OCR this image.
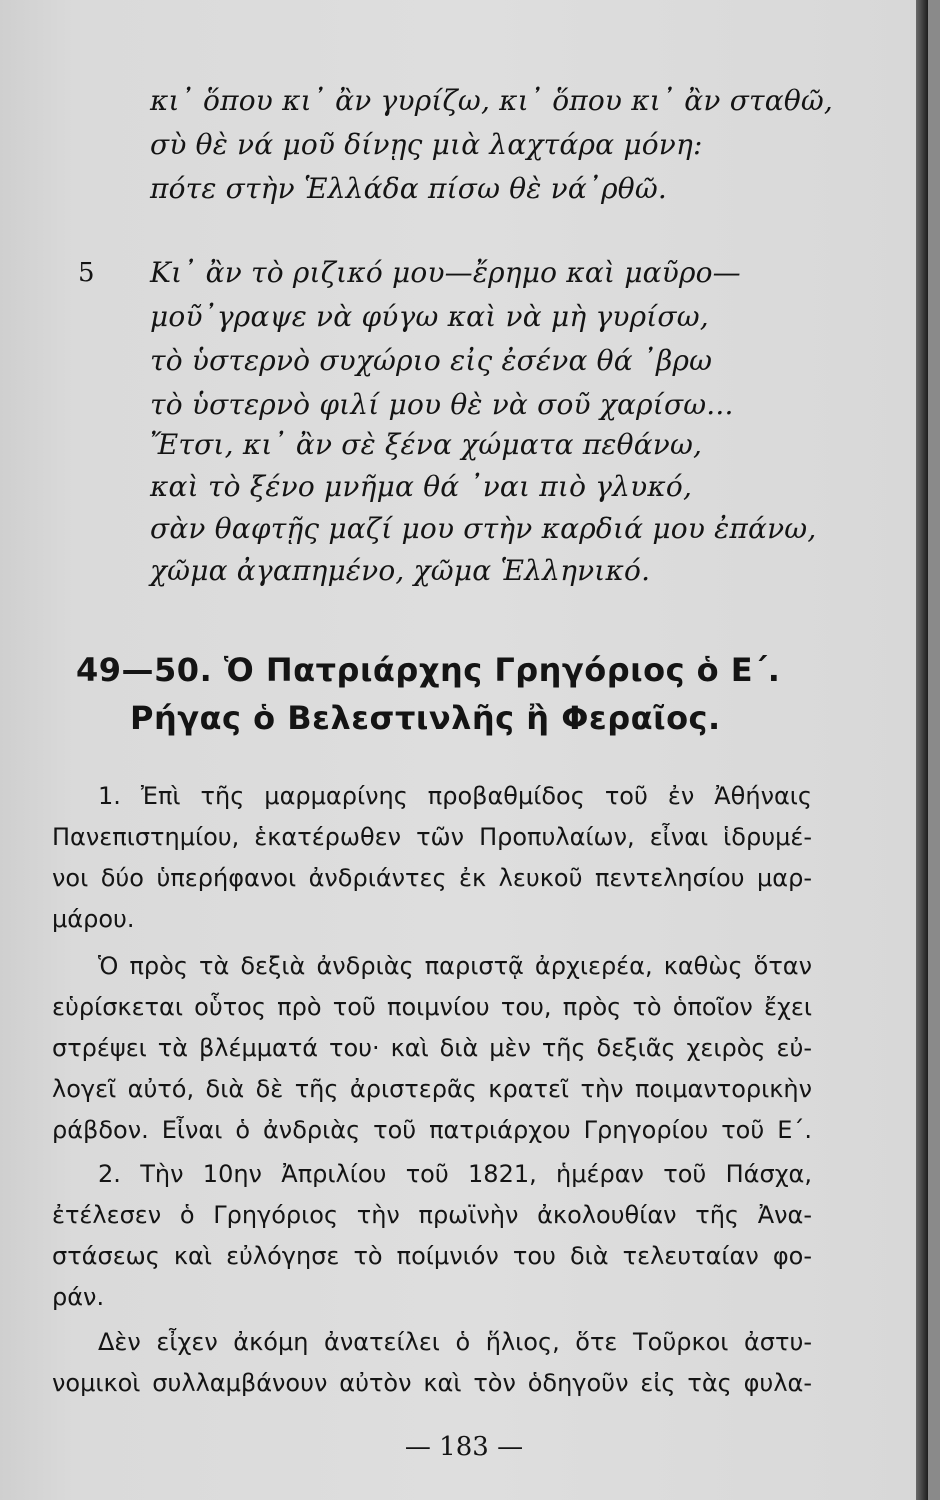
κι᾿ ὅπου κι᾿ ἂν γυρίζω, κι᾿ ὅπου κι᾿ ἂν σταθῶ,
σὺ θὲ νά μοῦ δίνῃς μιὰ λαχτάρα μόνη:
πότε στὴν Ἑλλάδα πίσω θὲ νά᾿ρθῶ.
5 Κι᾿ ἂν τὸ ριζικό μου—ἔρημο καὶ μαῦρο—
μοῦ᾿γραψε νὰ φύγω καὶ νὰ μὴ γυρίσω,
τὸ ὑστερνὸ συχώριο εἰς ἐσένα θά ᾿βρω
τὸ ὑστερνὸ φιλί μου θὲ νὰ σοῦ χαρίσω...
Ἔτσι, κι᾿ ἂν σὲ ξένα χώματα πεθάνω,
καὶ τὸ ξένο μνῆμα θά ᾿ναι πιὸ γλυκό,
σὰν θαφτῇς μαζί μου στὴν καρδιά μου ἐπάνω,
χῶμα ἀγαπημένο, χῶμα Ἑλληνικό.
49—50. Ὁ Πατριάρχης Γρηγόριος ὁ Ε΄.
Ρήγας ὁ Βελεστινλῆς ἢ Φεραῖος.
1. Ἐπὶ τῆς μαρμαρίνης προβαθμίδος τοῦ ἐν Ἀθήναις
Πανεπιστημίου, ἑκατέρωθεν τῶν Προπυλαίων, εἶναι ἱδρυμέ-
νοι δύο ὑπερήφανοι ἀνδριάντες ἐκ λευκοῦ πεντελησίου μαρ-
μάρου.
Ὁ πρὸς τὰ δεξιὰ ἀνδριὰς παριστᾷ ἀρχιερέα, καθὼς ὅταν
εὑρίσκεται οὗτος πρὸ τοῦ ποιμνίου του, πρὸς τὸ ὁποῖον ἔχει
στρέψει τὰ βλέμματά του· καὶ διὰ μὲν τῆς δεξιᾶς χειρὸς εὐ-
λογεῖ αὐτό, διὰ δὲ τῆς ἀριστερᾶς κρατεῖ τὴν ποιμαντορικὴν
ράβδον. Εἶναι ὁ ἀνδριὰς τοῦ πατριάρχου Γρηγορίου τοῦ Ε΄.
2. Τὴν 10ην Ἀπριλίου τοῦ 1821, ἡμέραν τοῦ Πάσχα,
ἐτέλεσεν ὁ Γρηγόριος τὴν πρωϊνὴν ἀκολουθίαν τῆς Ἀνα-
στάσεως καὶ εὐλόγησε τὸ ποίμνιόν του διὰ τελευταίαν φο-
ράν.
Δὲν εἶχεν ἀκόμη ἀνατείλει ὁ ἥλιος, ὅτε Τοῦρκοι ἀστυ-
νομικοὶ συλλαμβάνουν αὐτὸν καὶ τὸν ὁδηγοῦν εἰς τὰς φυλα-
— 183 —
